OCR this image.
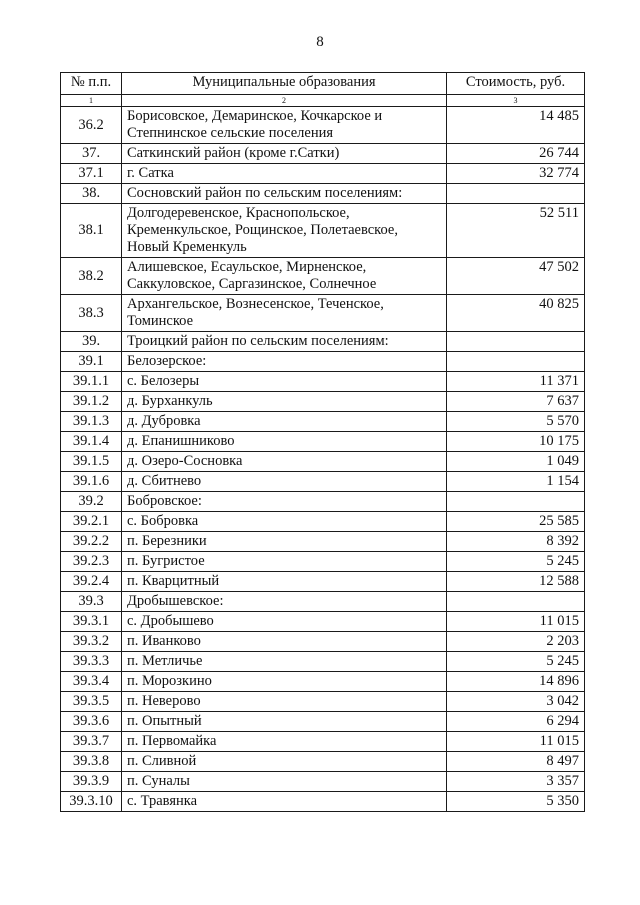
8
№ п.п.	Муниципальные образования	Стоимость, руб.
1	2	3
36.2	Борисовское, Демаринское, Кочкарское и Степнинское сельские поселения	14 485
37.	Саткинский район (кроме г.Сатки)	26 744
37.1	г. Сатка	32 774
38.	Сосновский район по сельским поселениям:	
38.1	Долгодеревенское, Краснопольское, Кременкульское, Рощинское, Полетаевское, Новый Кременкуль	52 511
38.2	Алишевское, Есаульское, Мирненское, Саккуловское, Саргазинское, Солнечное	47 502
38.3	Архангельское, Вознесенское, Теченское, Томинское	40 825
39.	Троицкий район по сельским поселениям:	
39.1	Белозерское:	
39.1.1	с. Белозеры	11 371
39.1.2	д. Бурханкуль	7 637
39.1.3	д. Дубровка	5 570
39.1.4	д. Епанишниково	10 175
39.1.5	д. Озеро-Сосновка	1 049
39.1.6	д. Сбитнево	1 154
39.2	Бобровское:	
39.2.1	с. Бобровка	25 585
39.2.2	п. Березники	8 392
39.2.3	п. Бугристое	5 245
39.2.4	п. Кварцитный	12 588
39.3	Дробышевское:	
39.3.1	с. Дробышево	11 015
39.3.2	п. Иванково	2 203
39.3.3	п. Метличье	5 245
39.3.4	п. Морозкино	14 896
39.3.5	п. Неверово	3 042
39.3.6	п. Опытный	6 294
39.3.7	п. Первомайка	11 015
39.3.8	п. Сливной	8 497
39.3.9	п. Суналы	3 357
39.3.10	с. Травянка	5 350
